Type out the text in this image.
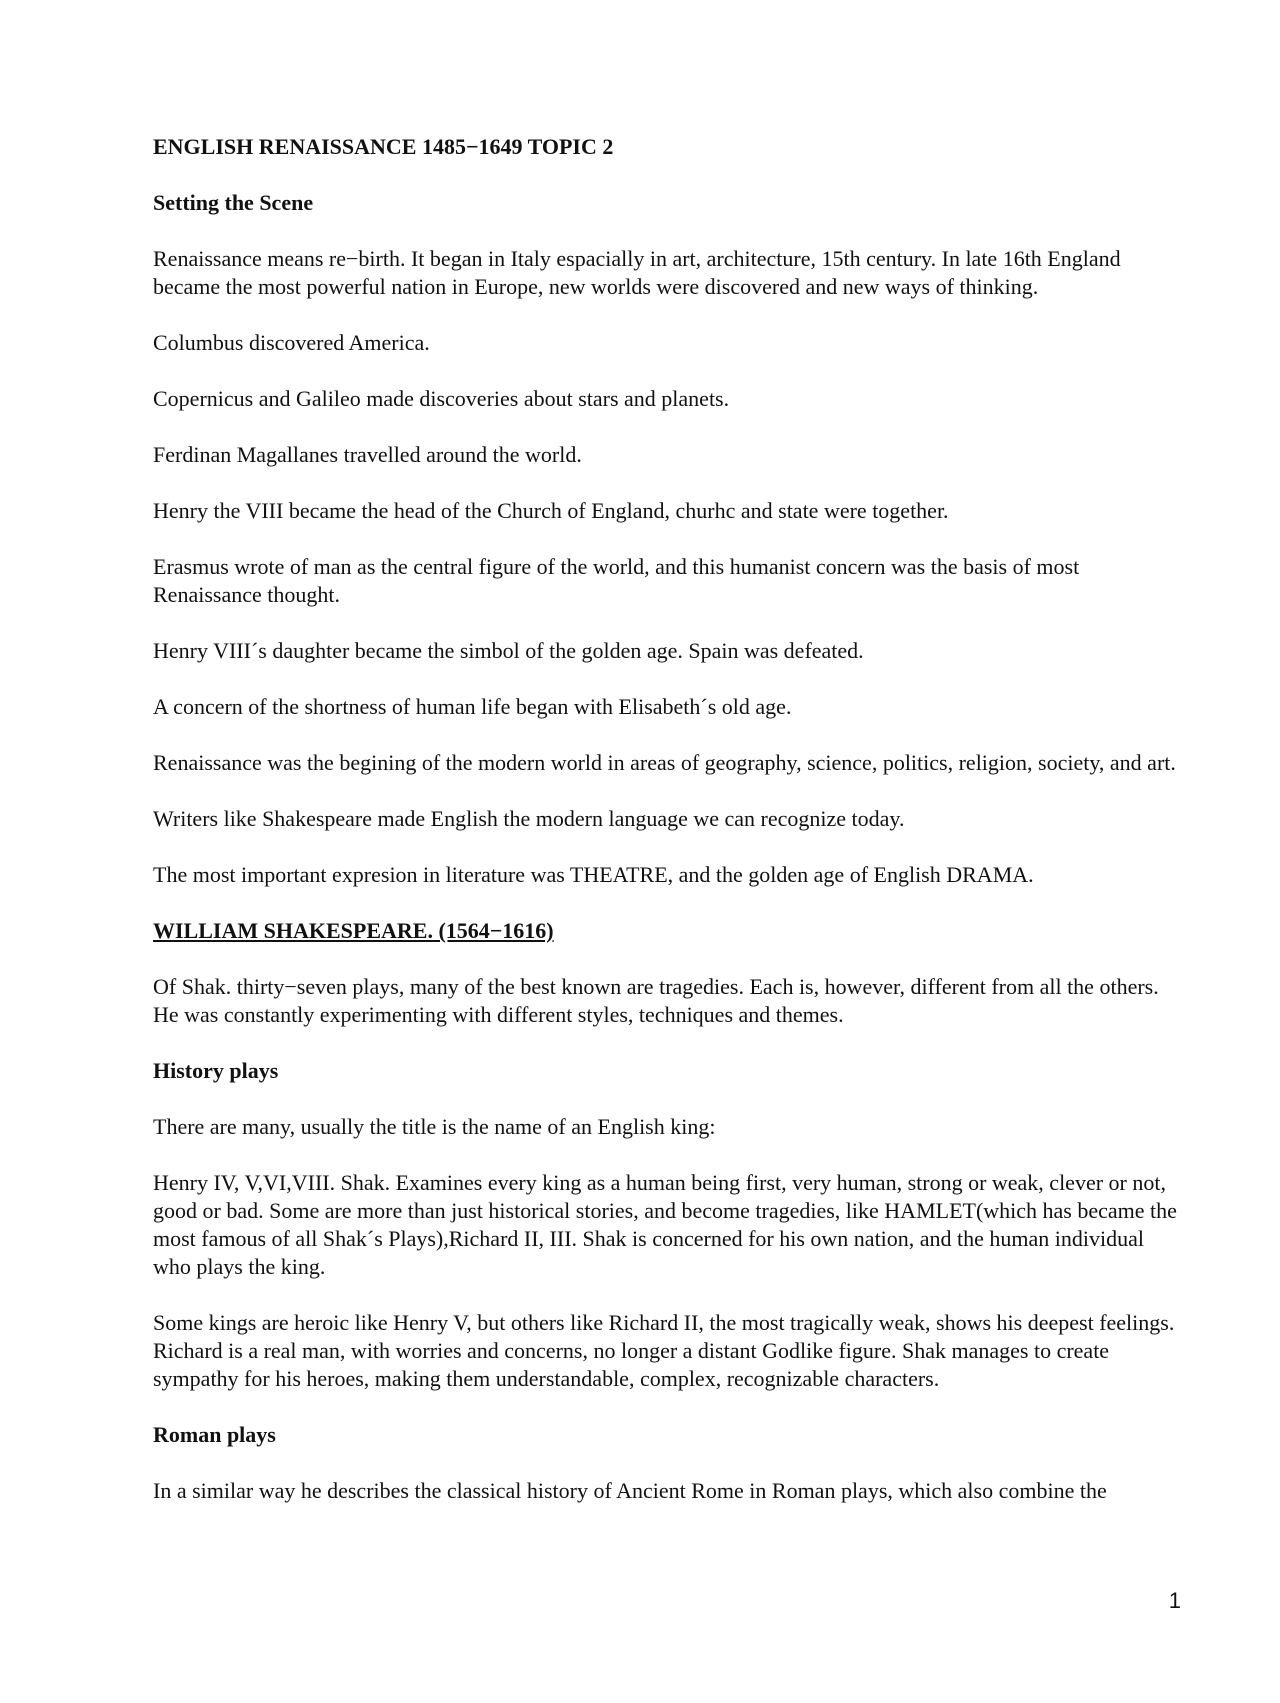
ENGLISH RENAISSANCE 1485−1649 TOPIC 2
Setting the Scene

Renaissance means re−birth. It began in Italy espacially in art, architecture, 15th century. In late 16th England became the most powerful nation in Europe, new worlds were discovered and new ways of thinking.

Columbus discovered America.

Copernicus and Galileo made discoveries about stars and planets.

Ferdinan Magallanes travelled around the world.

Henry the VIII became the head of the Church of England, churhc and state were together.

Erasmus wrote of man as the central figure of the world, and this humanist concern was the basis of most Renaissance thought.

Henry VIII´s daughter became the simbol of the golden age. Spain was defeated.

A concern of the shortness of human life began with Elisabeth´s old age.

Renaissance was the begining of the modern world in areas of geography, science, politics, religion, society, and art.

Writers like Shakespeare made English the modern language we can recognize today.

The most important expresion in literature was THEATRE, and the golden age of English DRAMA.

WILLIAM SHAKESPEARE. (1564−1616)

Of Shak. thirty−seven plays, many of the best known are tragedies. Each is, however, different from all the others. He was constantly experimenting with different styles, techniques and themes.

History plays

There are many, usually the title is the name of an English king:

Henry IV, V,VI,VIII. Shak. Examines every king as a human being first, very human, strong or weak, clever or not, good or bad. Some are more than just historical stories, and become tragedies, like HAMLET(which has became the most famous of all Shak´s Plays),Richard II, III. Shak is concerned for his own nation, and the human individual who plays the king.

Some kings are heroic like Henry V, but others like Richard II, the most tragically weak, shows his deepest feelings. Richard is a real man, with worries and concerns, no longer a distant Godlike figure. Shak manages to create sympathy for his heroes, making them understandable, complex, recognizable characters.

Roman plays

In a similar way he describes the classical history of Ancient Rome in Roman plays, which also combine the

1
